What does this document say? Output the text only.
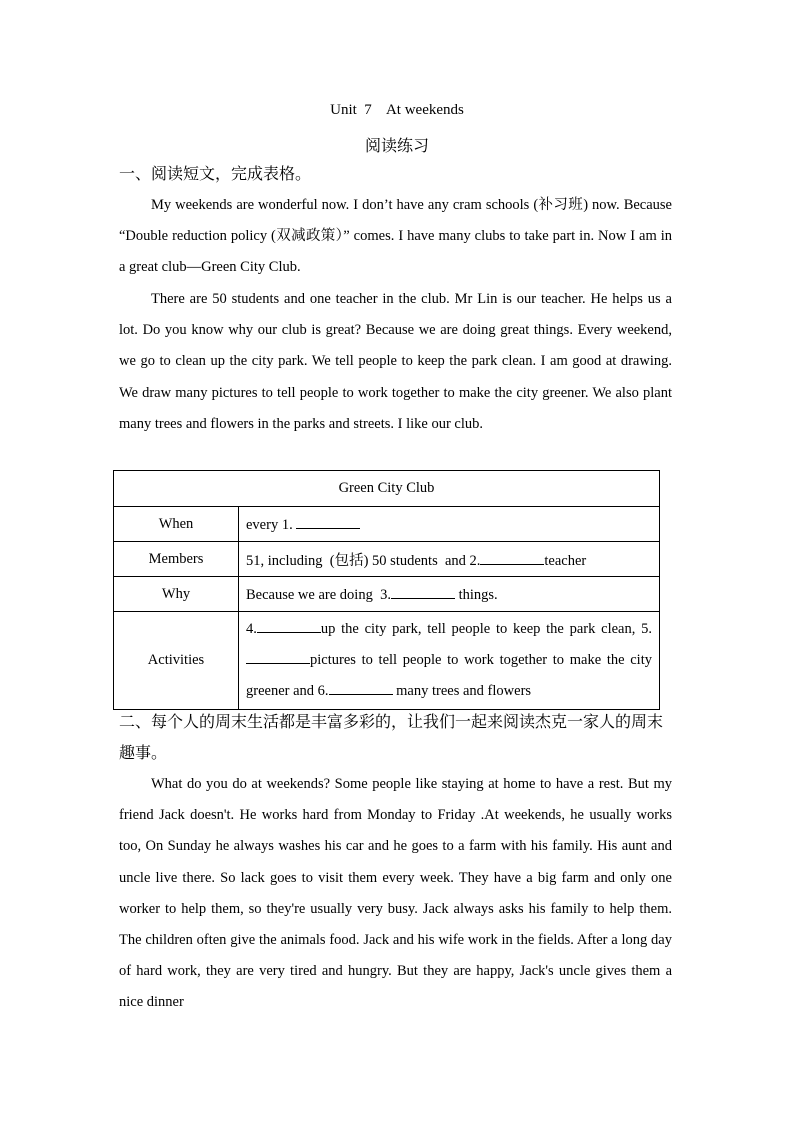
Unit  7    At weekends
阅读练习
一、阅读短文，完成表格。
My weekends are wonderful now. I don’t have any cram schools (补习班) now. Because “Double reduction policy (双减政策）” comes. I have many clubs to take part in. Now I am in a great club—Green City Club.
There are 50 students and one teacher in the club. Mr Lin is our teacher. He helps us a lot. Do you know why our club is great? Because we are doing great things. Every weekend, we go to clean up the city park. We tell people to keep the park clean. I am good at drawing. We draw many pictures to tell people to work together to make the city greener. We also plant many trees and flowers in the parks and streets. I like our club.
Green City Club	
When	every 1.
Members	51, including  (包括) 50 students  and 2. teacher
Why	Because we are doing  3. things.
Activities	4. up the city park, tell people to keep the park clean, 5.pictures to tell people to work together to make the city greener and 6. many trees and flowers
二、每个人的周末生活都是丰富多彩的，让我们一起来阅读杰克一家人的周末趣事。
What do you do at weekends? Some people like staying at home to have a rest. But my friend Jack doesn't. He works hard from Monday to Friday .At weekends, he usually works too, On Sunday he always washes his car and he goes to a farm with his family. His aunt and uncle live there. So lack goes to visit them every week. They have a big farm and only one worker to help them, so they're usually very busy. Jack always asks his family to help them. The children often give the animals food. Jack and his wife work in the fields. After a long day of hard work, they are very tired and hungry. But they are happy, Jack's uncle gives them a nice dinner
